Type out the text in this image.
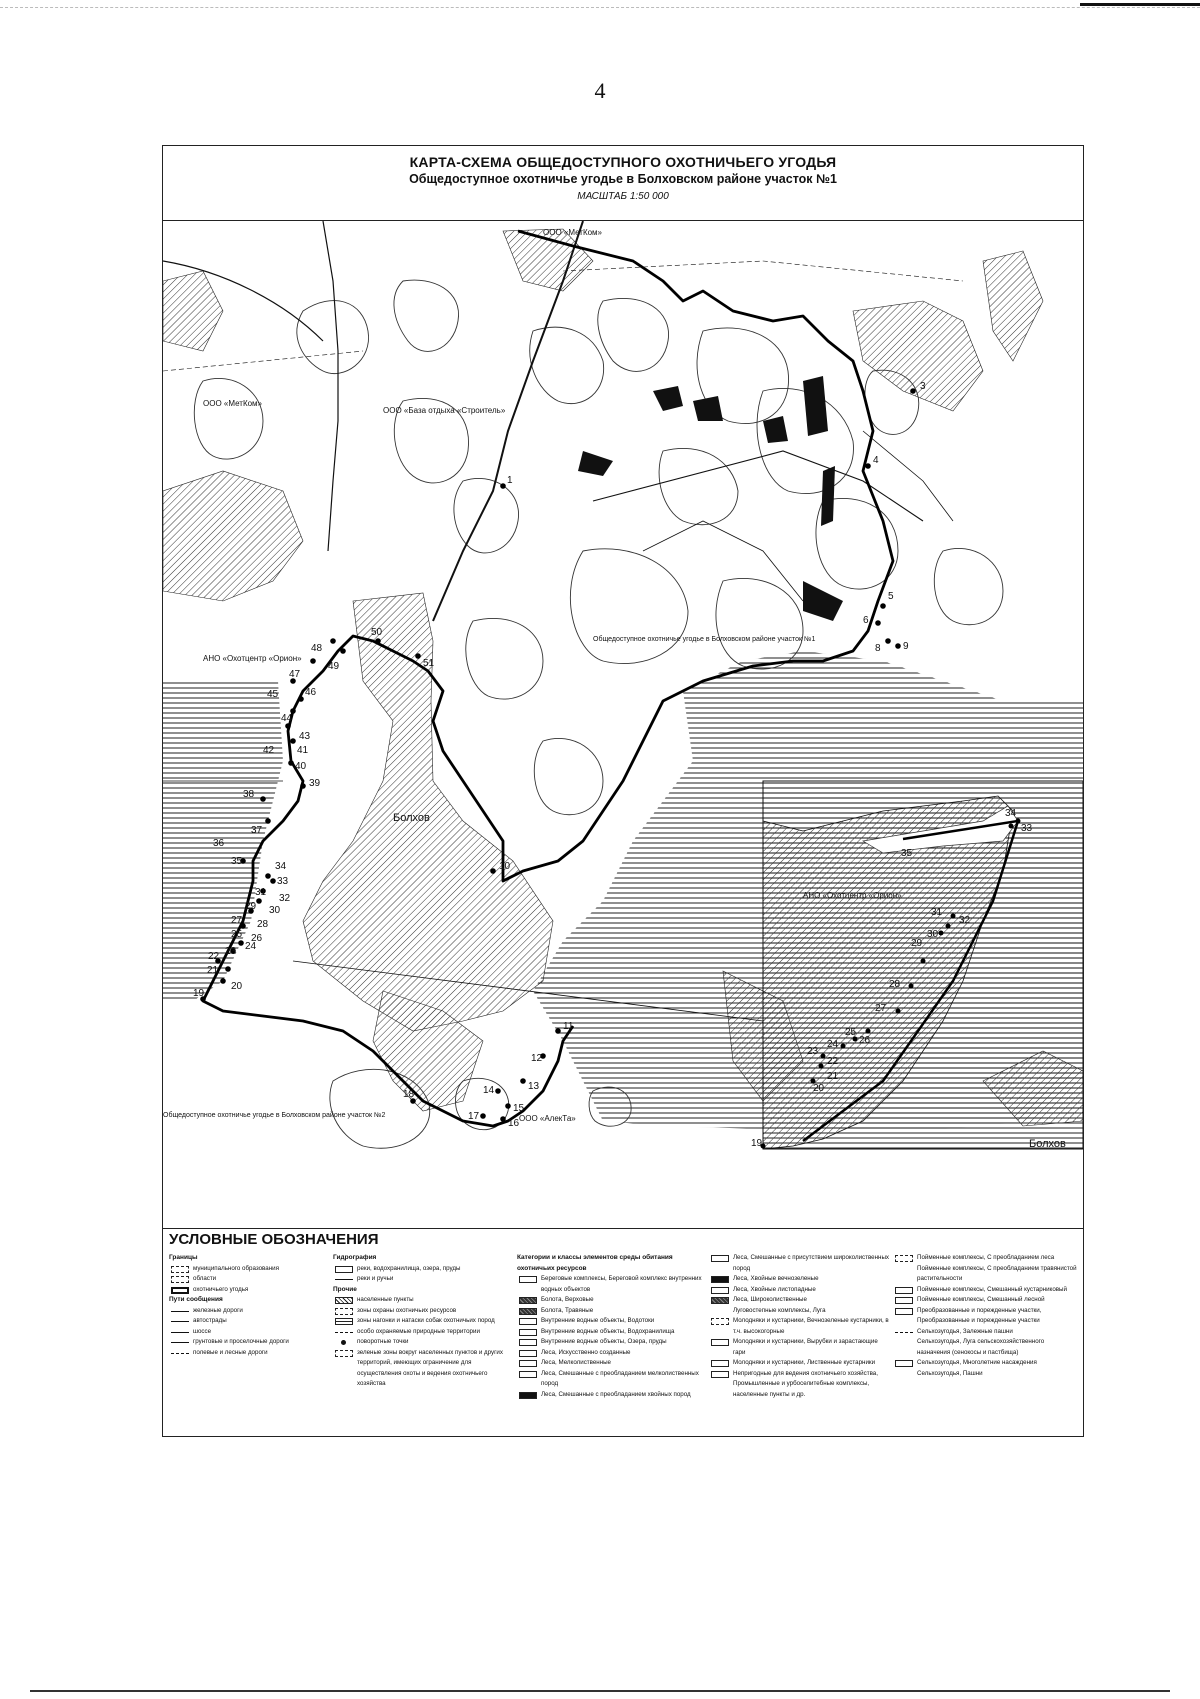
4
КАРТА-СХЕМА ОБЩЕДОСТУПНОГО ОХОТНИЧЬЕГО УГОДЬЯ
Общедоступное охотничье угодье в Болховском районе участок №1
МАСШТАБ 1:50 000
1
3
4
5
6
8 9
10
11
12
13
14
15
16
17
18
19
20
21
22 23 24
25 26
27 28
29 30
31
32
33
34
35
36
37
38
39
40
41
42
43
44
45	46
47
48
49
50
51
19
20
21
22
23
24
25
26
27
28
29
30
31
32
33
34
35
ООО «МетКом»
ООО «МетКом»
ООО «База отдыха «Строитель»
АНО «Охотцентр «Орион»
АНО «Охотцентр «Орион»
Общедоступное охотничье угодье в Болховском районе участок №1
Общедоступное охотничье угодье в Болховском районе участок №2
Болхов
Болхов
ООО «АлекТа»
УСЛОВНЫЕ ОБОЗНАЧЕНИЯ
Границы
муниципального образования
области
охотничьего угодья
Пути сообщения
железные дороги
автострады
шоссе
грунтовые и проселочные дороги
полевые и лесные дороги
Гидрография
реки, водохранилища, озера, пруды
реки и ручьи
Прочие
населенные пункты
зоны охраны охотничьих ресурсов
зоны нагонки и натаски собак охотничьих пород
особо охраняемые природные территории
поворотные точки
зеленые зоны вокруг населенных пунктов и других территорий, имеющих ограничение для осуществления охоты и ведения охотничьего хозяйства
Категории и классы элементов среды обитания охотничьих ресурсов
Береговые комплексы, Береговой комплекс внутренних водных объектов
Болота, Верховые
Болота, Травяные
Внутренние водные объекты, Водотоки
Внутренние водные объекты, Водохранилища
Внутренние водные объекты, Озера, пруды
Леса, Искусственно созданные
Леса, Мелколиственные
Леса, Смешанные с преобладанием мелколиственных пород
Леса, Смешанные с преобладанием хвойных пород
Леса, Смешанные с присутствием широколиственных пород
Леса, Хвойные вечнозеленые
Леса, Хвойные листопадные
Леса, Широколиственные
Луговостепные комплексы, Луга
Молодняки и кустарники, Вечнозеленые кустарники, в т.ч. высокогорные
Молодняки и кустарники, Вырубки и зарастающие гари
Молодняки и кустарники, Лиственные кустарники
Непригодные для ведения охотничьего хозяйства, Промышленные и урбоселитебные комплексы, населенные пункты и др.
Пойменные комплексы, С преобладанием леса
Пойменные комплексы, С преобладанием травянистой растительности
Пойменные комплексы, Смешанный кустарниковый
Пойменные комплексы, Смешанный лесной
Преобразованные и порежденные участки, Преобразованные и порежденные участки
Сельхозугодья, Залежные пашни
Сельхозугодья, Луга сельскохозяйственного назначения (сенокосы и пастбища)
Сельхозугодья, Многолетние насаждения
Сельхозугодья, Пашни
